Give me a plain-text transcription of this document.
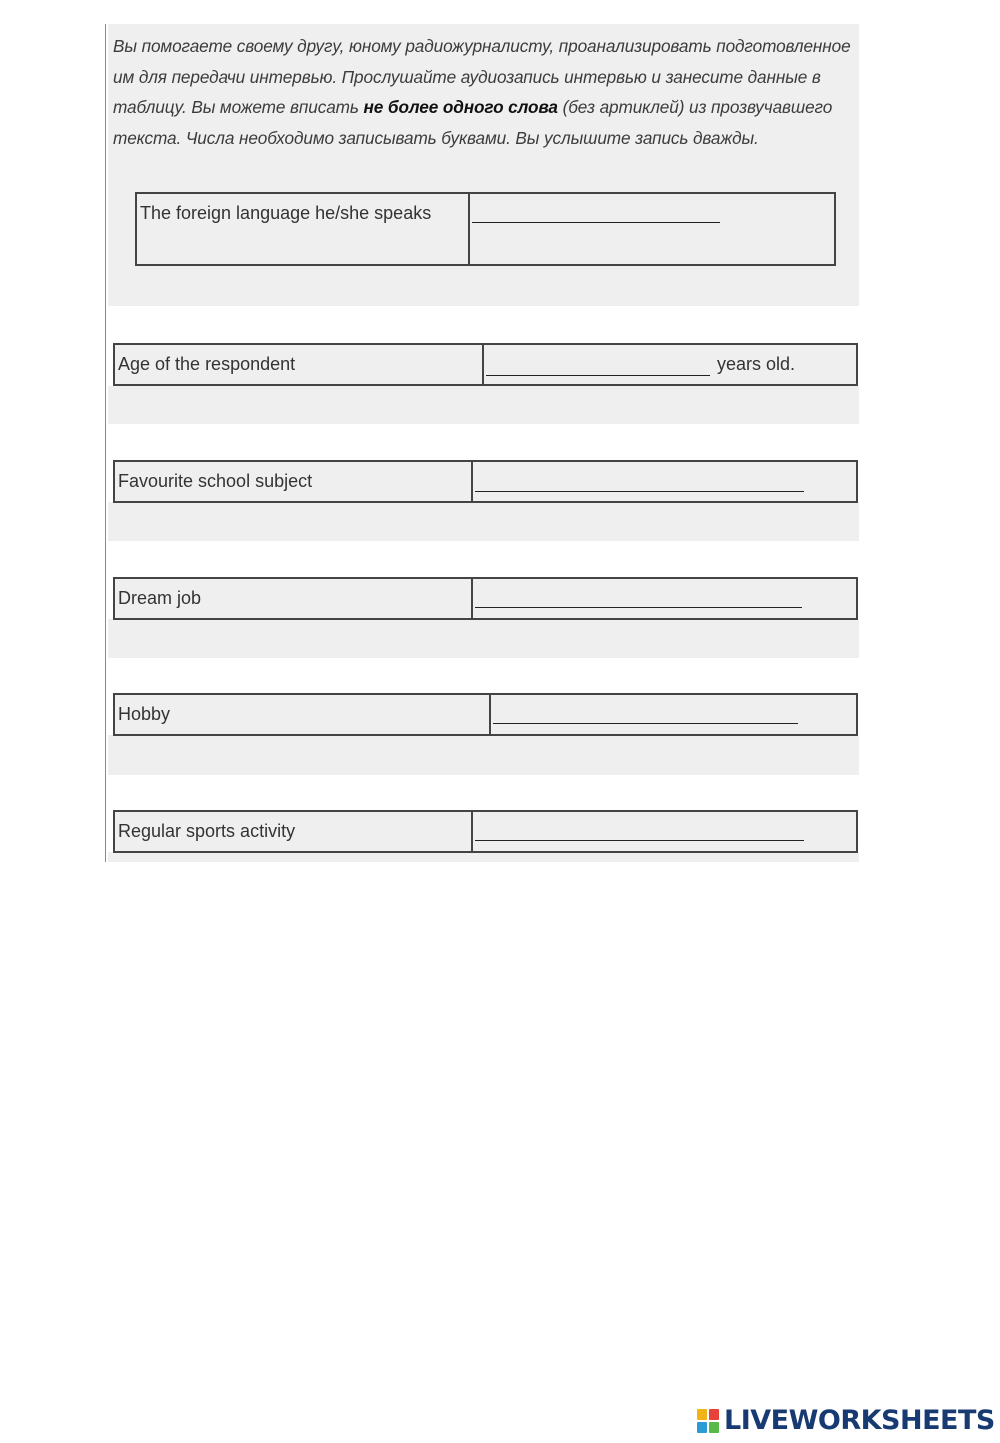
Вы помогаете своему другу, юному радиожурналисту, проанализировать подготовленное им для передачи интервью. Прослушайте аудиозапись интервью и занесите данные в таблицу. Вы можете вписать не более одного слова (без артиклей) из прозвучавшего текста. Числа необходимо записывать буквами. Вы услышите запись дважды.

The foreign language he/she speaks
Age of the respondent	years old.
Favourite school subject
Dream job
Hobby
Regular sports activity
LIVEWORKSHEETS
